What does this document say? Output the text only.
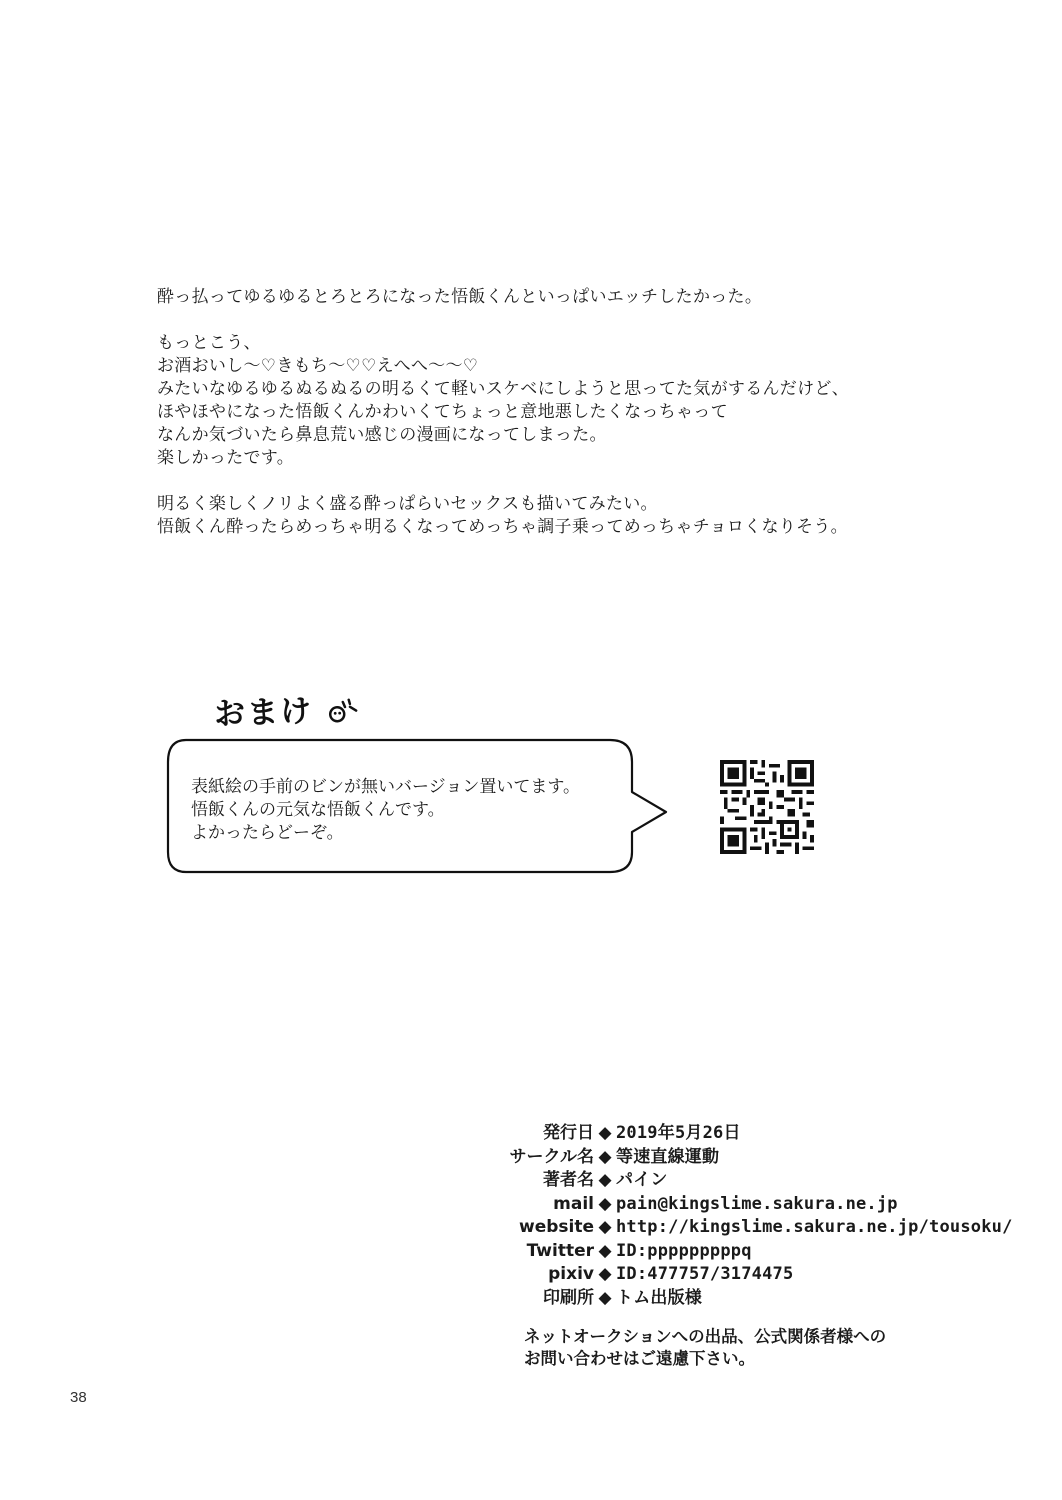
酔っ払ってゆるゆるとろとろになった悟飯くんといっぱいエッチしたかった。

もっとこう、
お酒おいし～♡きもち～♡♡えへへ～～♡
みたいなゆるゆるぬるぬるの明るくて軽いスケベにしようと思ってた気がするんだけど、
ほやほやになった悟飯くんかわいくてちょっと意地悪したくなっちゃって
なんか気づいたら鼻息荒い感じの漫画になってしまった。
楽しかったです。

明るく楽しくノリよく盛る酔っぱらいセックスも描いてみたい。
悟飯くん酔ったらめっちゃ明るくなってめっちゃ調子乗ってめっちゃチョロくなりそう。

おまけ
表紙絵の手前のビンが無いバージョン置いてます。
悟飯くんの元気な悟飯くんです。
よかったらどーぞ。
発行日 ◆ 2019年5月26日
サークル名 ◆ 等速直線運動
著者名 ◆ パイン
mail ◆ pain@kingslime.sakura.ne.jp
website ◆ http://kingslime.sakura.ne.jp/tousoku/
Twitter ◆ ID:pppppppppq
pixiv ◆ ID:477757/3174475
印刷所 ◆ トム出版様
ネットオークションへの出品、公式関係者様への
お問い合わせはご遠慮下さい。
38
